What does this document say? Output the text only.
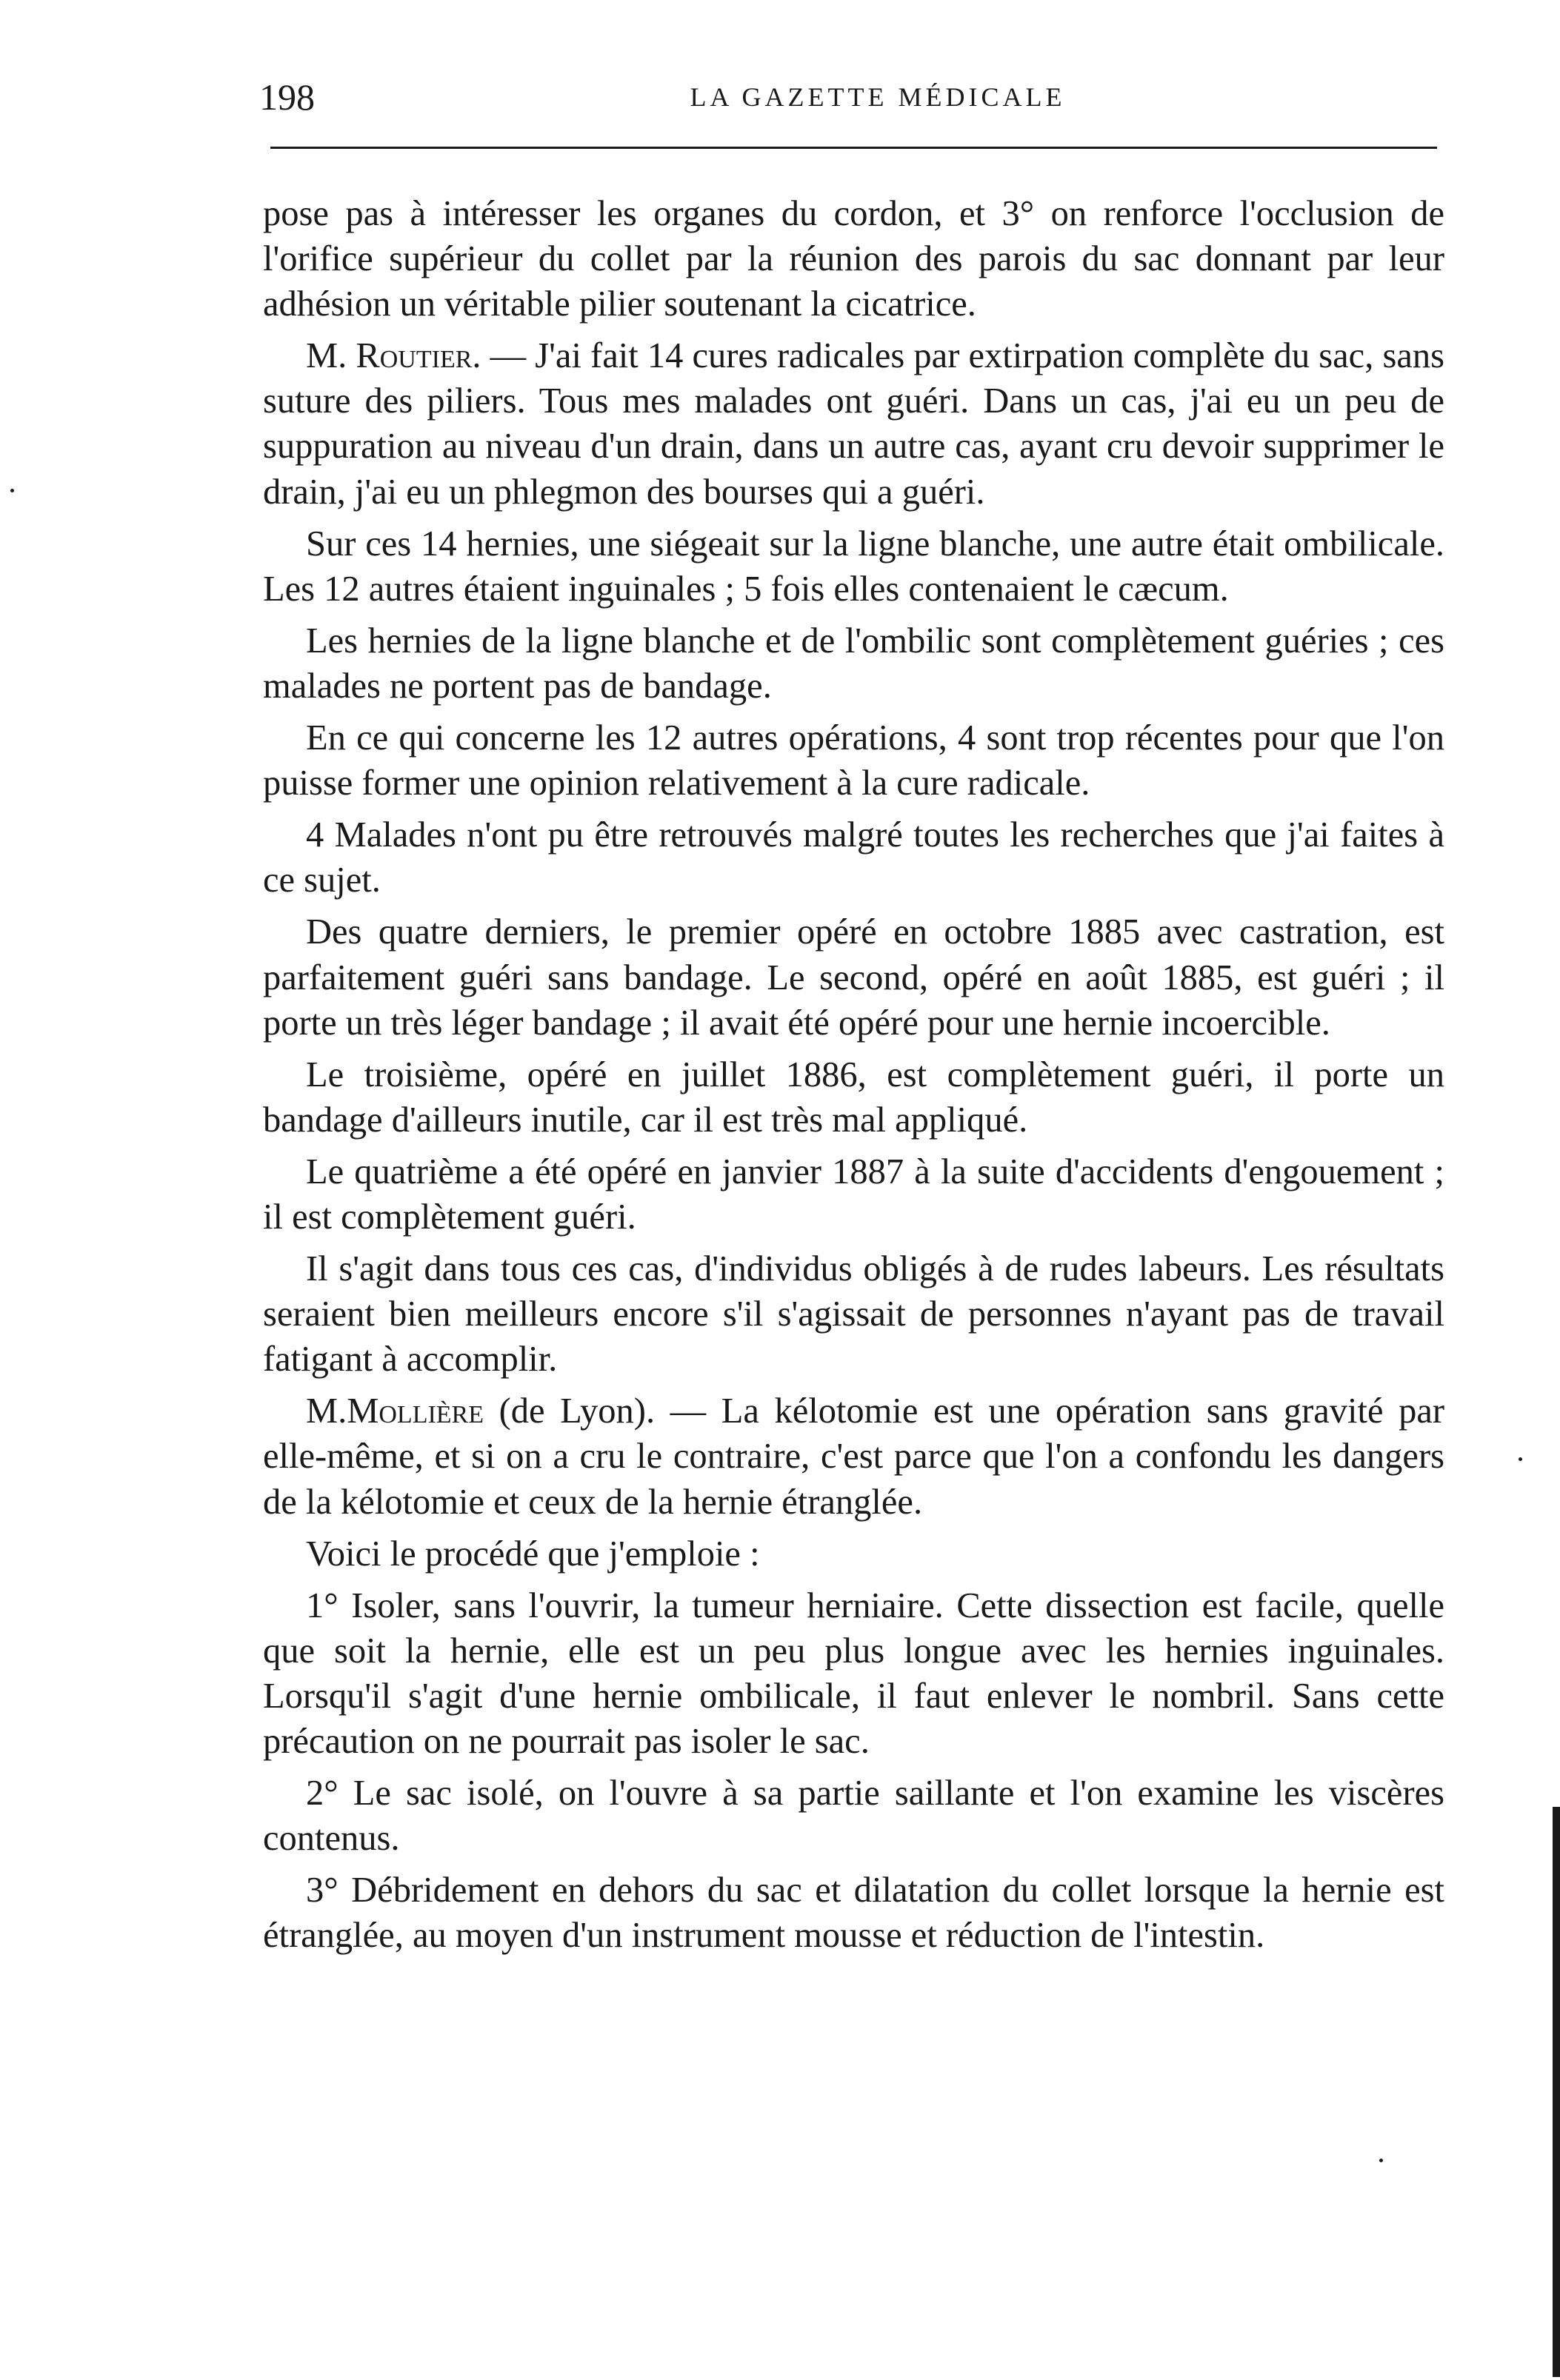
198	LA GAZETTE MÉDICALE

pose pas à intéresser les organes du cordon, et 3° on renforce l'occlusion de l'orifice supérieur du collet par la réunion des parois du sac donnant par leur adhésion un véritable pilier soutenant la cicatrice.

M. Routier. — J'ai fait 14 cures radicales par extirpation complète du sac, sans suture des piliers. Tous mes malades ont guéri. Dans un cas, j'ai eu un peu de suppuration au niveau d'un drain, dans un autre cas, ayant cru devoir supprimer le drain, j'ai eu un phlegmon des bourses qui a guéri.

Sur ces 14 hernies, une siégeait sur la ligne blanche, une autre était ombilicale. Les 12 autres étaient inguinales ; 5 fois elles contenaient le cæcum.

Les hernies de la ligne blanche et de l'ombilic sont complètement guéries ; ces malades ne portent pas de bandage.

En ce qui concerne les 12 autres opérations, 4 sont trop récentes pour que l'on puisse former une opinion relativement à la cure radicale.

4 Malades n'ont pu être retrouvés malgré toutes les recherches que j'ai faites à ce sujet.

Des quatre derniers, le premier opéré en octobre 1885 avec castration, est parfaitement guéri sans bandage. Le second, opéré en août 1885, est guéri ; il porte un très léger bandage ; il avait été opéré pour une hernie incoercible.

Le troisième, opéré en juillet 1886, est complètement guéri, il porte un bandage d'ailleurs inutile, car il est très mal appliqué.

Le quatrième a été opéré en janvier 1887 à la suite d'accidents d'engouement ; il est complètement guéri.

Il s'agit dans tous ces cas, d'individus obligés à de rudes labeurs. Les résultats seraient bien meilleurs encore s'il s'agissait de personnes n'ayant pas de travail fatigant à accomplir.

M.Mollière (de Lyon). — La kélotomie est une opération sans gravité par elle-même, et si on a cru le contraire, c'est parce que l'on a confondu les dangers de la kélotomie et ceux de la hernie étranglée.

Voici le procédé que j'emploie :

1° Isoler, sans l'ouvrir, la tumeur herniaire. Cette dissection est facile, quelle que soit la hernie, elle est un peu plus longue avec les hernies inguinales. Lorsqu'il s'agit d'une hernie ombilicale, il faut enlever le nombril. Sans cette précaution on ne pourrait pas isoler le sac.

2° Le sac isolé, on l'ouvre à sa partie saillante et l'on examine les viscères contenus.

3° Débridement en dehors du sac et dilatation du collet lorsque la hernie est étranglée, au moyen d'un instrument mousse et réduction de l'intestin.
